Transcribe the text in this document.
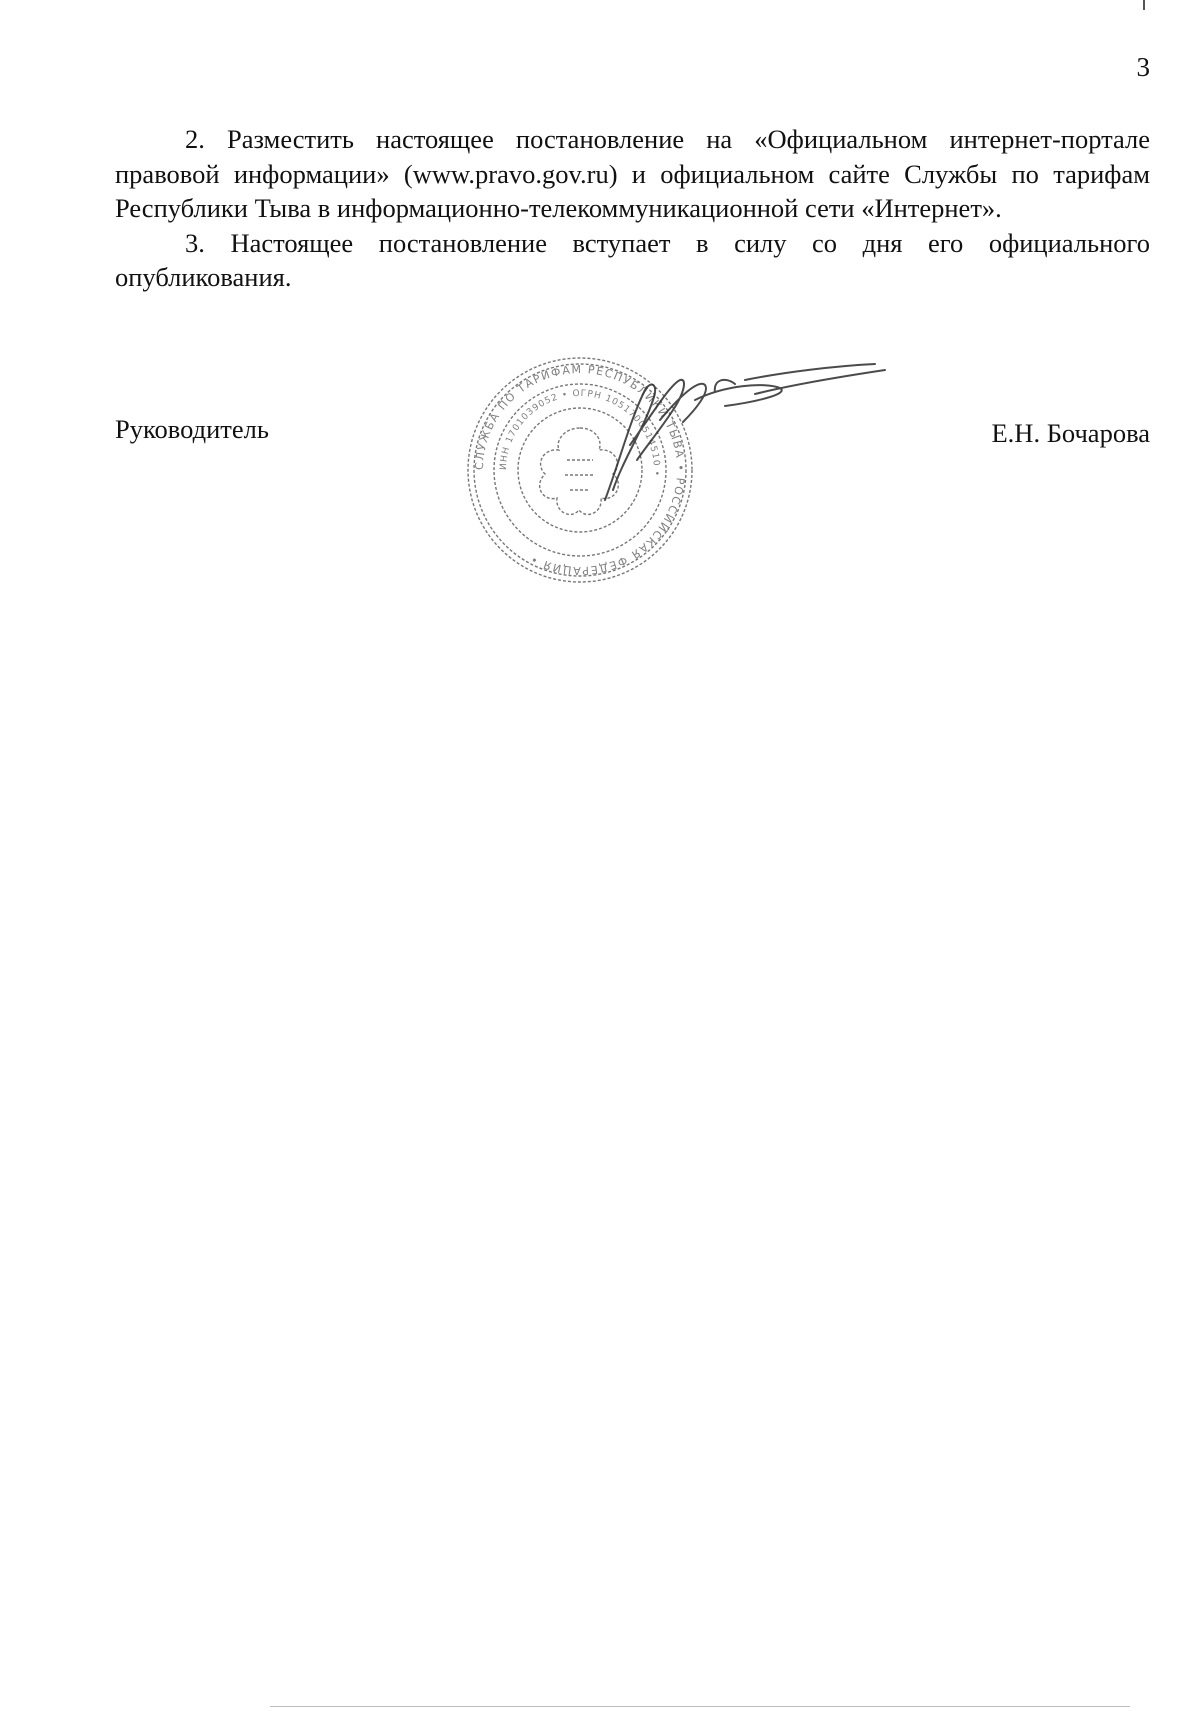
3

2. Разместить настоящее постановление на «Официальном интернет-портале правовой информации» (www.pravo.gov.ru) и официальном сайте Службы по тарифам Республики Тыва в информационно-телекоммуникационной сети «Интернет».

3. Настоящее постановление вступает в силу со дня его официального опубликования.

Руководитель
СЛУЖБА ПО ТАРИФАМ РЕСПУБЛИКИ ТЫВА • РОССИЙСКАЯ ФЕДЕРАЦИЯ •
ИНН 1701039052 • ОГРН 1051700514510 •
Е.Н. Бочарова
